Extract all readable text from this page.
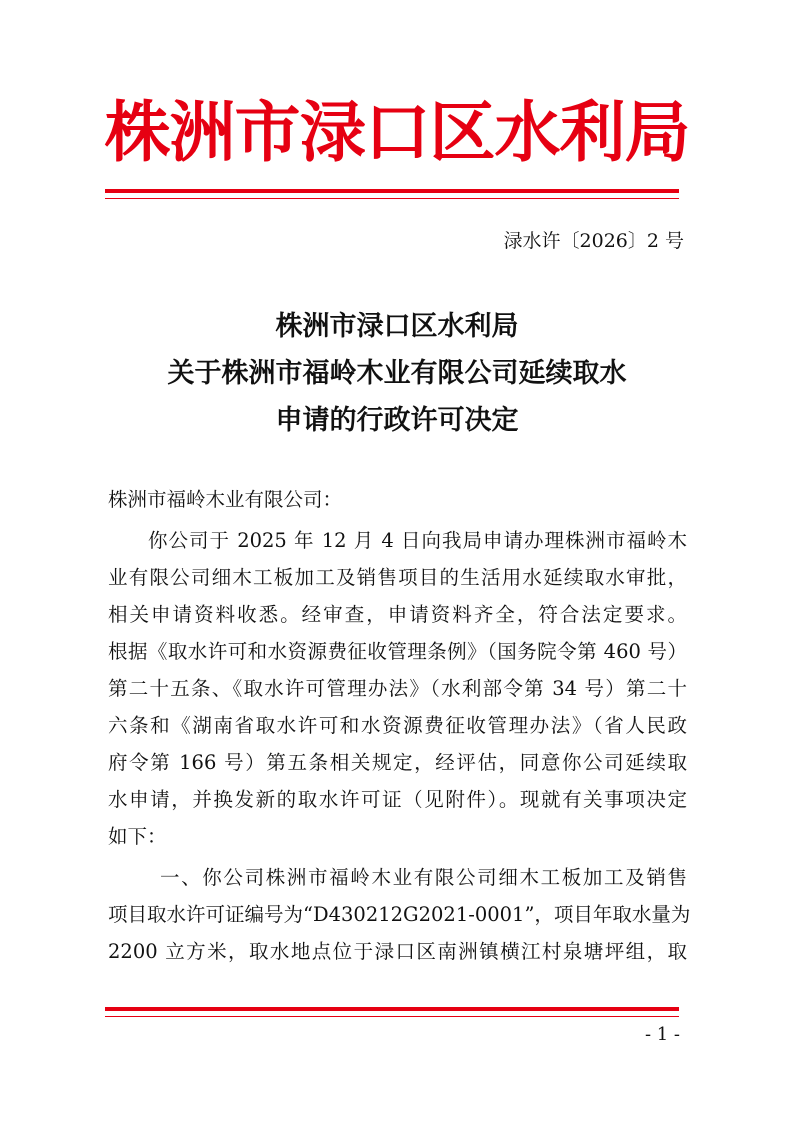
株洲市渌口区水利局
渌水许〔2026〕2 号
株洲市渌口区水利局
关于株洲市福岭木业有限公司延续取水
申请的行政许可决定
株洲市福岭木业有限公司：
你公司于 2025 年 12 月 4 日向我局申请办理株洲市福岭木
业有限公司细木工板加工及销售项目的生活用水延续取水审批，
相关申请资料收悉。经审查，申请资料齐全，符合法定要求。
根据《取水许可和水资源费征收管理条例》（国务院令第 460 号）
第二十五条、《取水许可管理办法》（水利部令第 34 号）第二十
六条和《湖南省取水许可和水资源费征收管理办法》（省人民政
府令第 166 号）第五条相关规定，经评估，同意你公司延续取
水申请，并换发新的取水许可证（见附件）。现就有关事项决定
如下：
一、你公司株洲市福岭木业有限公司细木工板加工及销售
项目取水许可证编号为“D430212G2021-0001”，项目年取水量为
2200 立方米，取水地点位于渌口区南洲镇横江村泉塘坪组，取
- 1 -
